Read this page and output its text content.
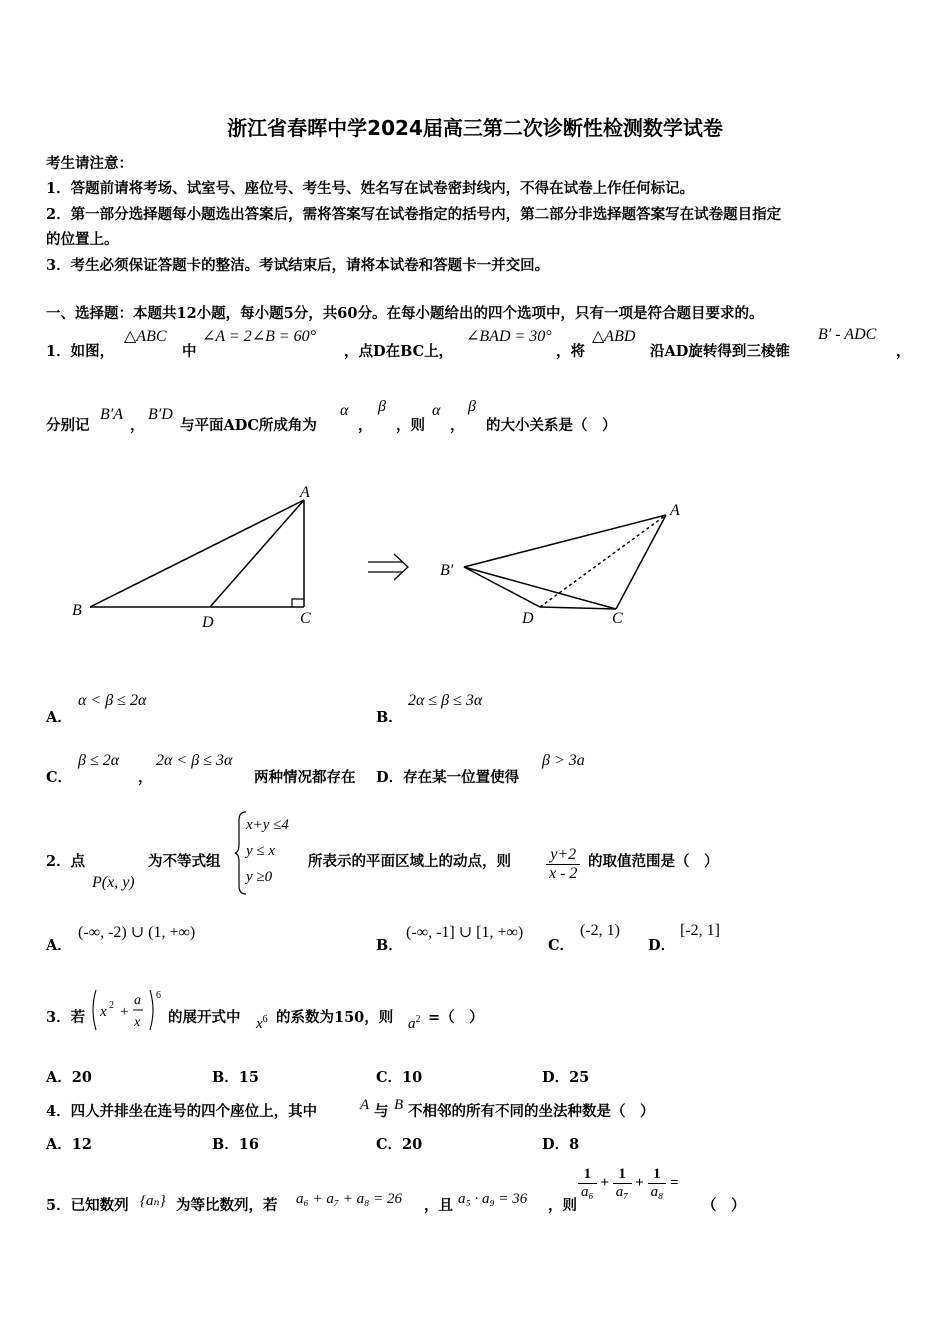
浙江省春晖中学2024届高三第二次诊断性检测数学试卷
考生请注意：
1．答题前请将考场、试室号、座位号、考生号、姓名写在试卷密封线内，不得在试卷上作任何标记。
2．第一部分选择题每小题选出答案后，需将答案写在试卷指定的括号内，第二部分非选择题答案写在试卷题目指定
的位置上。
3．考生必须保证答题卡的整洁。考试结束后，请将本试卷和答题卡一并交回。
一、选择题：本题共12小题，每小题5分，共60分。在每小题给出的四个选项中，只有一项是符合题目要求的。
1．如图，
△ABC
中
∠A = 2∠B = 60°
，点D在BC上，
∠BAD = 30°
，将
△ABD
沿AD旋转得到三棱锥
B′ - ADC
，
分别记
B′A
，
B′D
与平面ADC所成角为
α
，
β
，则
α
，
β
的大小关系是（　）
A
B	C
D
A
B′
C
D
A．
α < β ≤ 2α
B．
2α ≤ β ≤ 3α
C．
β ≤ 2α
，
2α < β ≤ 3α
两种情况都存在 D．存在某一位置使得
β > 3a
2．点
P(x, y)
为不等式组
x+y ≤4
y ≤ x
y ≥0
所表示的平面区域上的动点，则 $\frac{y+2}{x - 2}$ 的取值范围是（　）
A．
(-∞, -2) ∪ (1, +∞)
B．
(-∞, -1] ∪ [1, +∞)
C．
(-2, 1)
D．
[-2, 1]
3．若 x 2 +
a
x
6
的展开式中 $x^6$ 的系数为150，则 $a^2$ =（　）
A．20	B．15	C．10	D．25
4．四人并排坐在连号的四个座位上，其中	A 与 B 不相邻的所有不同的坐法种数是（　）
A．12	B．16	C．20	D．8
5．已知数列 {aₙ} 为等比数列，若 a₆ + a₇ + a₈ = 26 ，且 a₅ · a₉ = 36 ，则
$\frac{1}{\text{a₆}} + \frac{1}{\text{a₇}} + \frac{1}{\text{a₈}}$ =
（　）
